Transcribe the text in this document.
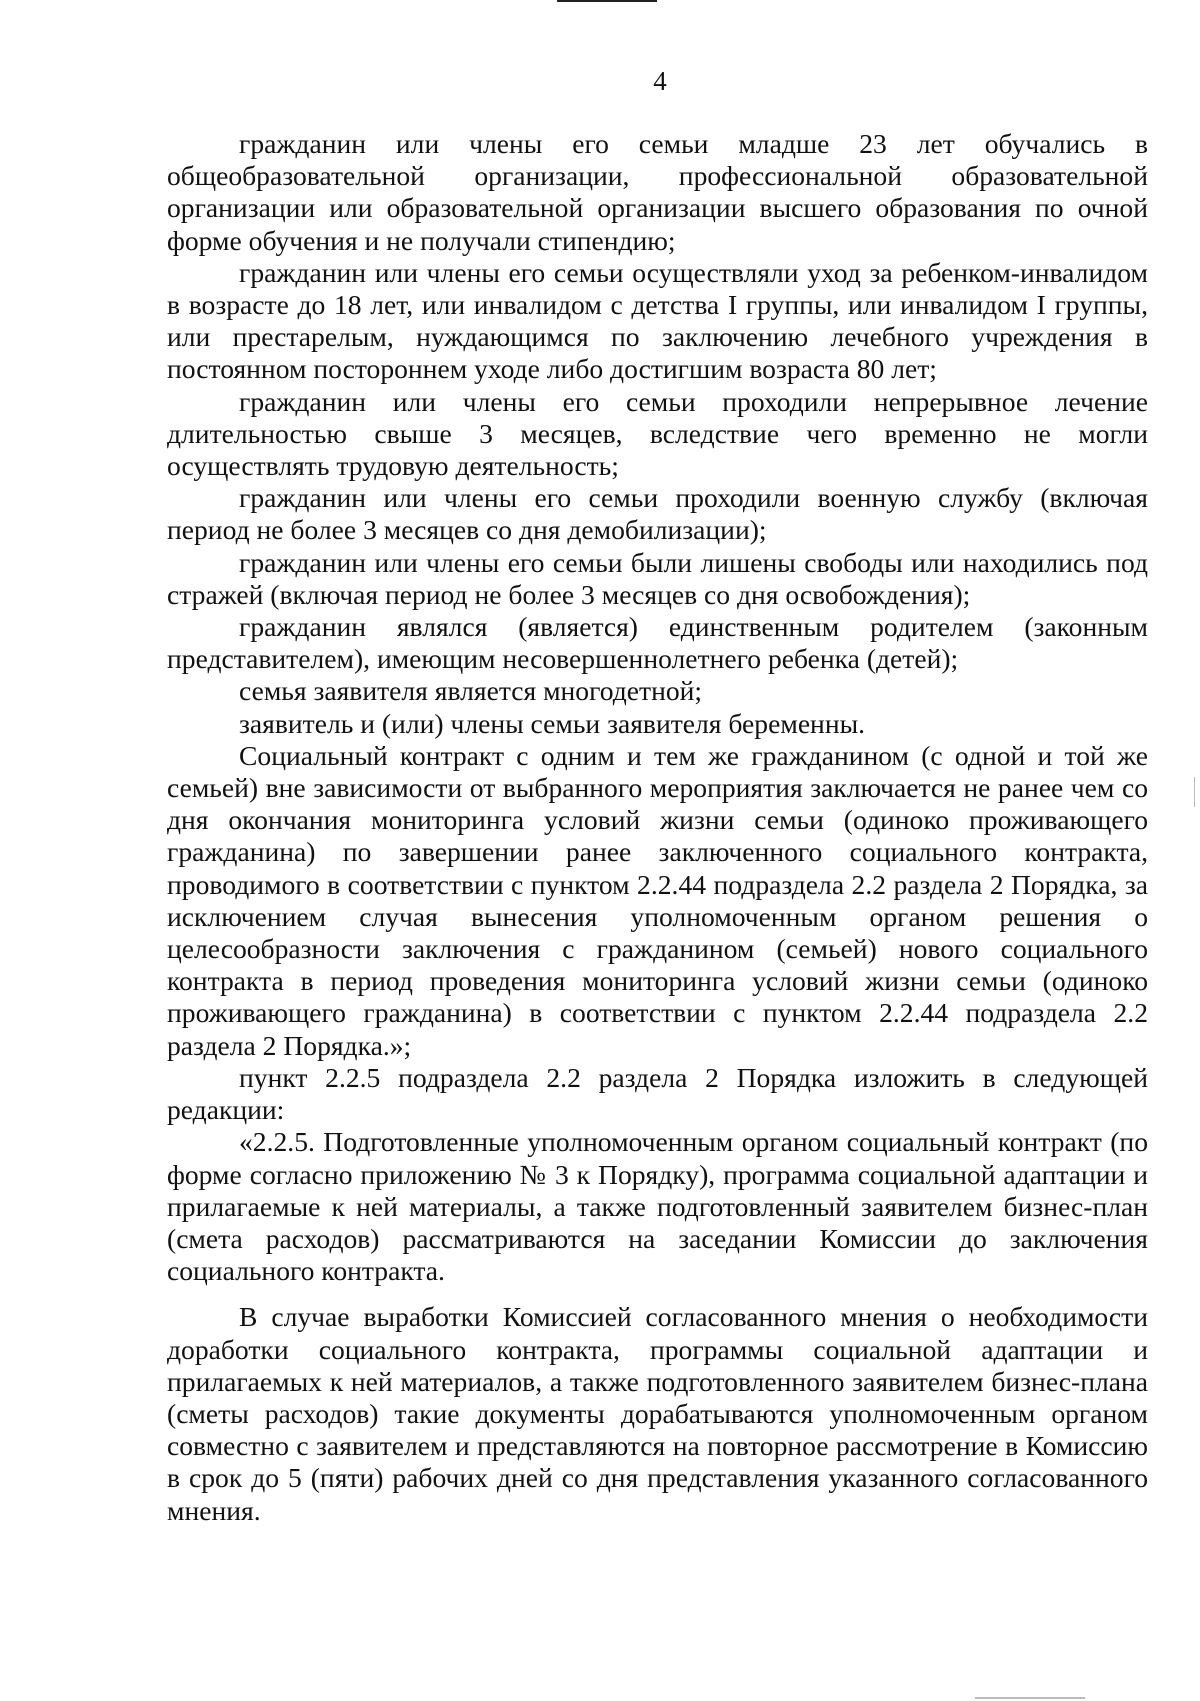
4

гражданин или члены его семьи младше 23 лет обучались в общеобразовательной организации, профессиональной образовательной организации или образовательной организации высшего образования по очной форме обучения и не получали стипендию;

гражданин или члены его семьи осуществляли уход за ребенком-инвалидом в возрасте до 18 лет, или инвалидом с детства I группы, или инвалидом I группы, или престарелым, нуждающимся по заключению лечебного учреждения в постоянном постороннем уходе либо достигшим возраста 80 лет;

гражданин или члены его семьи проходили непрерывное лечение длительностью свыше 3 месяцев, вследствие чего временно не могли осуществлять трудовую деятельность;

гражданин или члены его семьи проходили военную службу (включая период не более 3 месяцев со дня демобилизации);

гражданин или члены его семьи были лишены свободы или находились под стражей (включая период не более 3 месяцев со дня освобождения);

гражданин являлся (является) единственным родителем (законным представителем), имеющим несовершеннолетнего ребенка (детей);

семья заявителя является многодетной;

заявитель и (или) члены семьи заявителя беременны.

Социальный контракт с одним и тем же гражданином (с одной и той же семьей) вне зависимости от выбранного мероприятия заключается не ранее чем со дня окончания мониторинга условий жизни семьи (одиноко проживающего гражданина) по завершении ранее заключенного социального контракта, проводимого в соответствии с пунктом 2.2.44 подраздела 2.2 раздела 2 Порядка, за исключением случая вынесения уполномоченным органом решения о целесообразности заключения с гражданином (семьей) нового социального контракта в период проведения мониторинга условий жизни семьи (одиноко проживающего гражданина) в соответствии с пунктом 2.2.44 подраздела 2.2 раздела 2 Порядка.»;

пункт 2.2.5 подраздела 2.2 раздела 2 Порядка изложить в следующей редакции:

«2.2.5. Подготовленные уполномоченным органом социальный контракт (по форме согласно приложению № 3 к Порядку), программа социальной адаптации и прилагаемые к ней материалы, а также подготовленный заявителем бизнес-план (смета расходов) рассматриваются на заседании Комиссии до заключения социального контракта.

В случае выработки Комиссией согласованного мнения о необходимости доработки социального контракта, программы социальной адаптации и прилагаемых к ней материалов, а также подготовленного заявителем бизнес-плана (сметы расходов) такие документы дорабатываются уполномоченным органом совместно с заявителем и представляются на повторное рассмотрение в Комиссию в срок до 5 (пяти) рабочих дней со дня представления указанного согласованного мнения.
